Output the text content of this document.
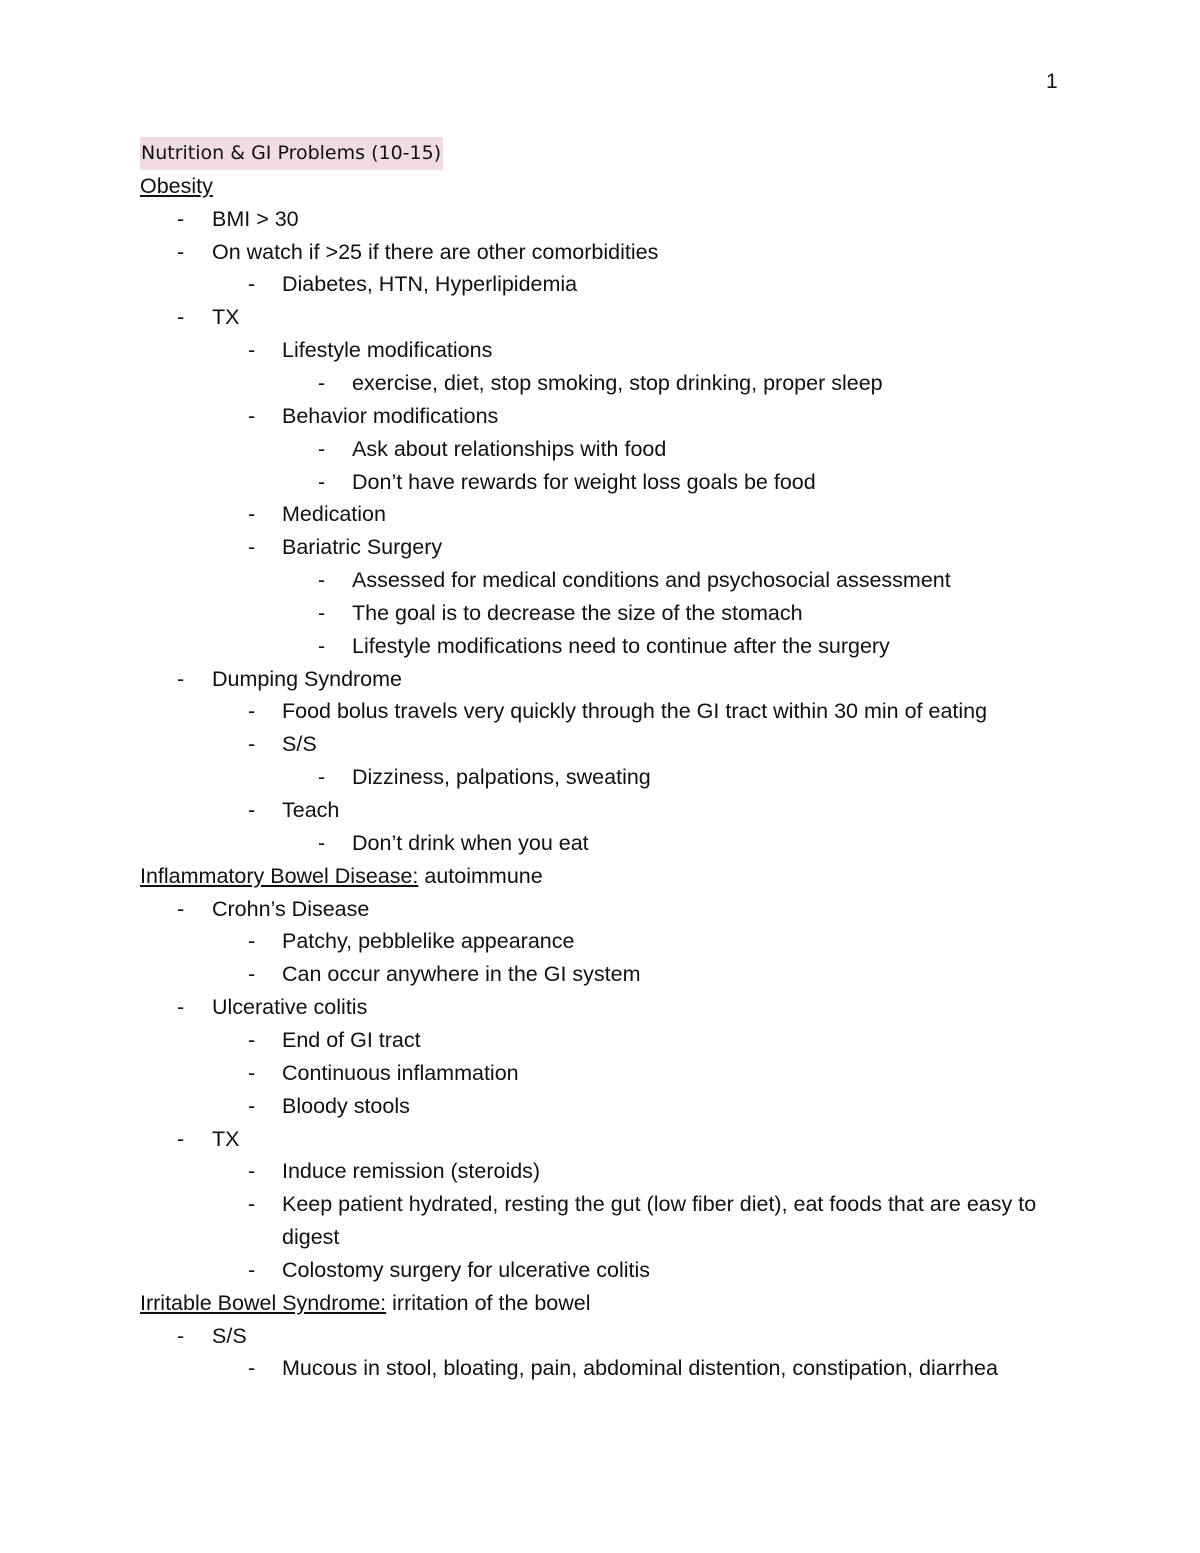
1
Nutrition & GI Problems (10-15)
Obesity
- BMI > 30
- On watch if >25 if there are other comorbidities
- Diabetes, HTN, Hyperlipidemia
- TX
- Lifestyle modifications
- exercise, diet, stop smoking, stop drinking, proper sleep
- Behavior modifications
- Ask about relationships with food
- Don’t have rewards for weight loss goals be food
- Medication
- Bariatric Surgery
- Assessed for medical conditions and psychosocial assessment
- The goal is to decrease the size of the stomach
- Lifestyle modifications need to continue after the surgery
- Dumping Syndrome
- Food bolus travels very quickly through the GI tract within 30 min of eating
- S/S
- Dizziness, palpations, sweating
- Teach
- Don’t drink when you eat
Inflammatory Bowel Disease: autoimmune
- Crohn’s Disease
- Patchy, pebblelike appearance
- Can occur anywhere in the GI system
- Ulcerative colitis
- End of GI tract
- Continuous inflammation
- Bloody stools
- TX
- Induce remission (steroids)
- Keep patient hydrated, resting the gut (low fiber diet), eat foods that are easy to
digest
- Colostomy surgery for ulcerative colitis
Irritable Bowel Syndrome: irritation of the bowel
- S/S
- Mucous in stool, bloating, pain, abdominal distention, constipation, diarrhea
